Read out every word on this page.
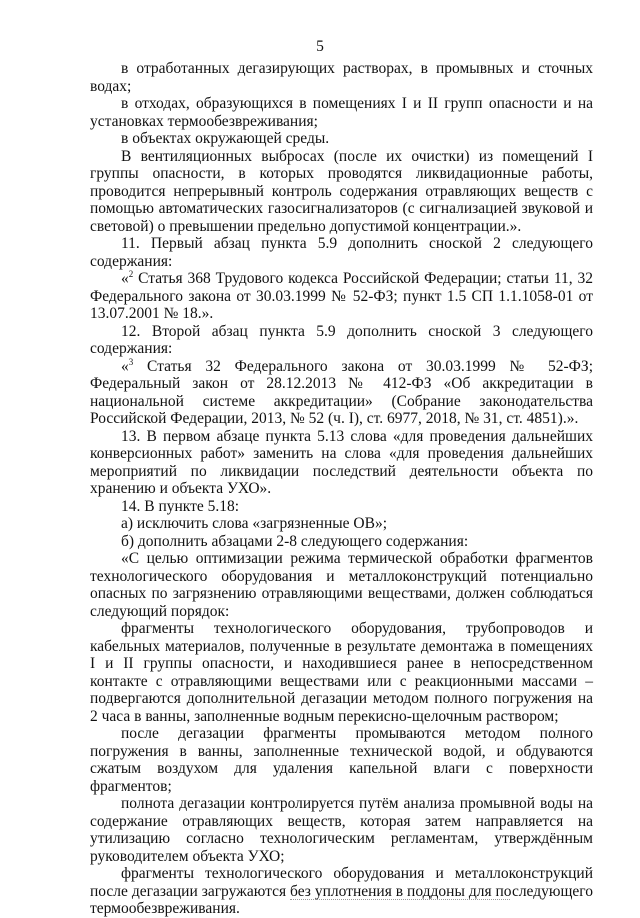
5

в отработанных дегазирующих растворах, в промывных и сточных водах;

в отходах, образующихся в помещениях I и II групп опасности и на установках термообезвреживания;

в объектах окружающей среды.

В вентиляционных выбросах (после их очистки) из помещений I группы опасности, в которых проводятся ликвидационные работы, проводится непрерывный контроль содержания отравляющих веществ с помощью автоматических газосигнализаторов (с сигнализацией звуковой и световой) о превышении предельно допустимой концентрации.».

11. Первый абзац пункта 5.9 дополнить сноской 2 следующего содержания:

«$^2$ Статья 368 Трудового кодекса Российской Федерации; статьи 11, 32 Федерального закона от 30.03.1999 № 52-ФЗ; пункт 1.5 СП 1.1.1058-01 от 13.07.2001 № 18.».

12. Второй абзац пункта 5.9 дополнить сноской 3 следующего содержания:

«$^3$ Статья 32 Федерального закона от 30.03.1999 № 52-ФЗ; Федеральный закон от 28.12.2013 № 412-ФЗ «Об аккредитации в национальной системе аккредитации» (Собрание законодательства Российской Федерации, 2013, № 52 (ч. I), ст. 6977, 2018, № 31, ст. 4851).».

13. В первом абзаце пункта 5.13 слова «для проведения дальнейших конверсионных работ» заменить на слова «для проведения дальнейших мероприятий по ликвидации последствий деятельности объекта по хранению и объекта УХО».

14. В пункте 5.18:

а) исключить слова «загрязненные ОВ»;

б) дополнить абзацами 2-8 следующего содержания:

«С целью оптимизации режима термической обработки фрагментов технологического оборудования и металлоконструкций потенциально опасных по загрязнению отравляющими веществами, должен соблюдаться следующий порядок:

фрагменты технологического оборудования, трубопроводов и кабельных материалов, полученные в результате демонтажа в помещениях I и II группы опасности, и находившиеся ранее в непосредственном контакте с отравляющими веществами или с реакционными массами – подвергаются дополнительной дегазации методом полного погружения на 2 часа в ванны, заполненные водным перекисно-щелочным раствором;

после дегазации фрагменты промываются методом полного погружения в ванны, заполненные технической водой, и обдуваются сжатым воздухом для удаления капельной влаги с поверхности фрагментов;

полнота дегазации контролируется путём анализа промывной воды на содержание отравляющих веществ, которая затем направляется на утилизацию согласно технологическим регламентам, утверждённым руководителем объекта УХО;

фрагменты технологического оборудования и металлоконструкций после дегазации загружаются без уплотнения в поддоны для последующего термообезвреживания.
